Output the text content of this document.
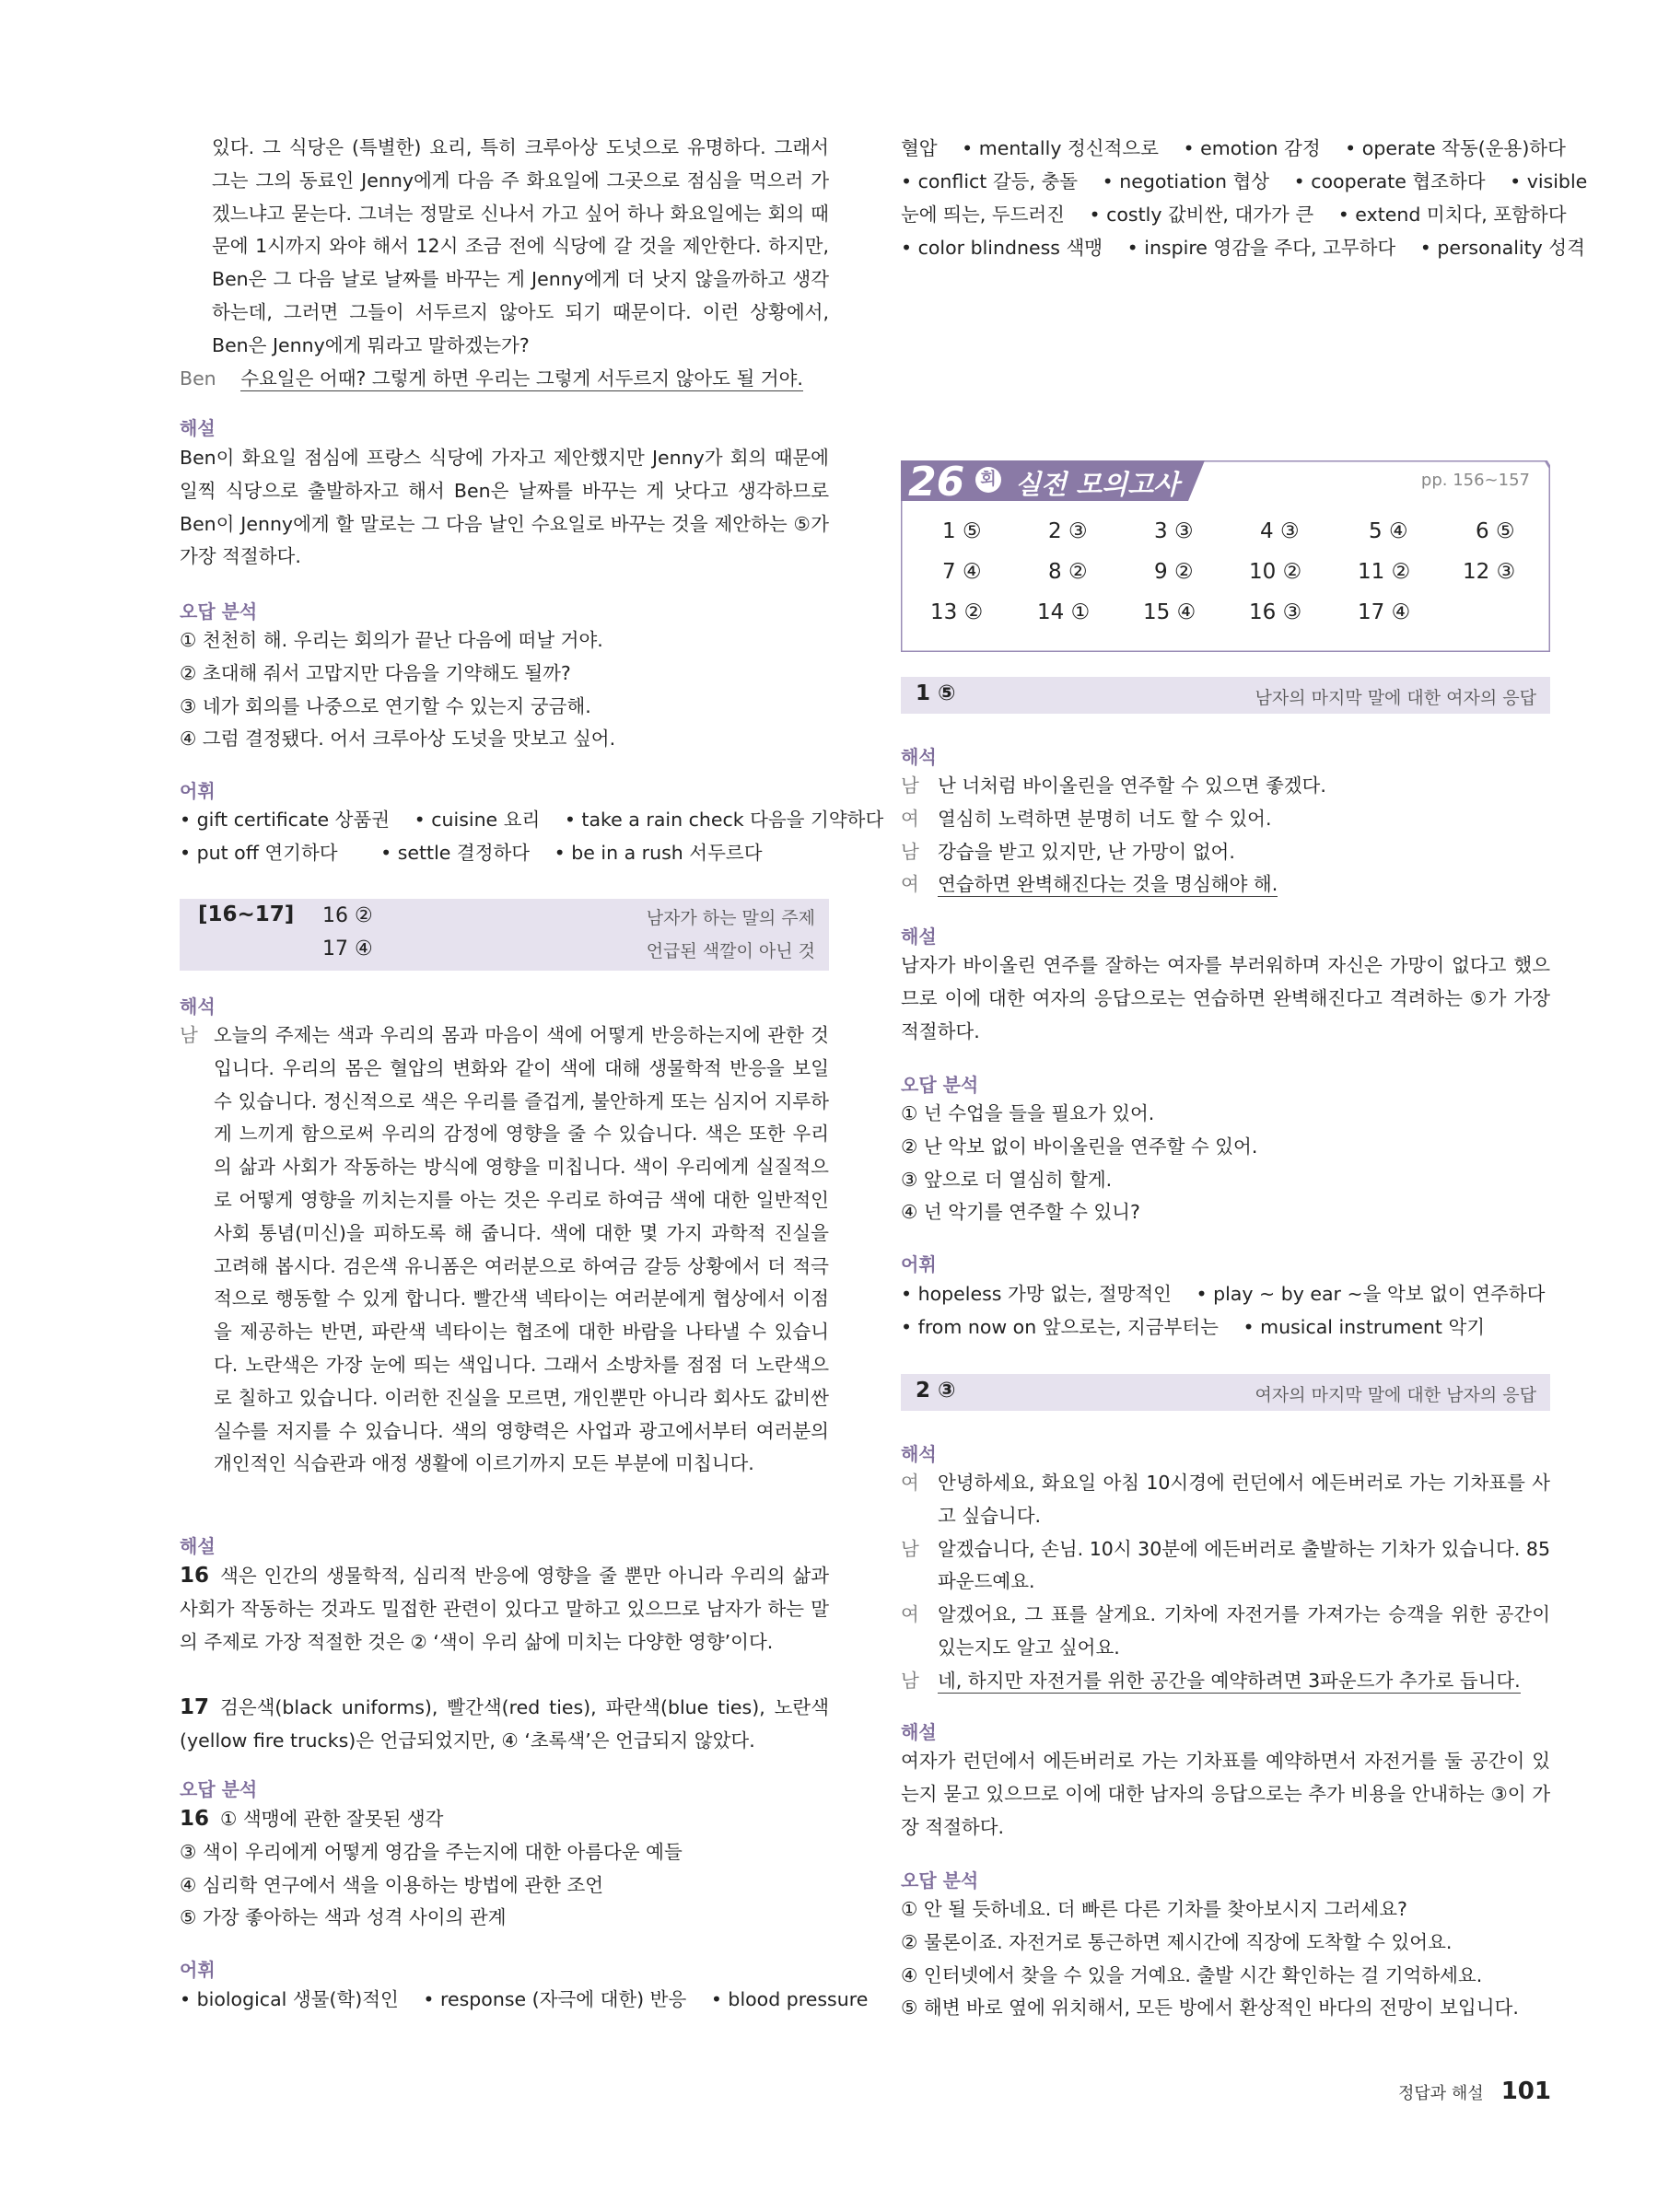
있다. 그 식당은 (특별한) 요리, 특히 크루아상 도넛으로 유명하다. 그래서 그는 그의 동료인 Jenny에게 다음 주 화요일에 그곳으로 점심을 먹으러 가겠느냐고 묻는다. 그녀는 정말로 신나서 가고 싶어 하나 화요일에는 회의 때문에 1시까지 와야 해서 12시 조금 전에 식당에 갈 것을 제안한다. 하지만, Ben은 그 다음 날로 날짜를 바꾸는 게 Jenny에게 더 낫지 않을까하고 생각하는데, 그러면 그들이 서두르지 않아도 되기 때문이다. 이런 상황에서, Ben은 Jenny에게 뭐라고 말하겠는가?

Ben 수요일은 어때? 그렇게 하면 우리는 그렇게 서두르지 않아도 될 거야.
해설

Ben이 화요일 점심에 프랑스 식당에 가자고 제안했지만 Jenny가 회의 때문에 일찍 식당으로 출발하자고 해서 Ben은 날짜를 바꾸는 게 낫다고 생각하므로 Ben이 Jenny에게 할 말로는 그 다음 날인 수요일로 바꾸는 것을 제안하는 ⑤가 가장 적절하다.

오답 분석
① 천천히 해. 우리는 회의가 끝난 다음에 떠날 거야.
② 초대해 줘서 고맙지만 다음을 기약해도 될까?
③ 네가 회의를 나중으로 연기할 수 있는지 궁금해.
④ 그럼 결정됐다. 어서 크루아상 도넛을 맛보고 싶어.
어휘
• gift certificate 상품권 • cuisine 요리 • take a rain check 다음을 기약하다
• put off 연기하다 • settle 결정하다 • be in a rush 서두르다
[16~17] 16 ②	남자가 하는 말의 주제
17 ④	언급된 색깔이 아닌 것
해석
남 오늘의 주제는 색과 우리의 몸과 마음이 색에 어떻게 반응하는지에 관한 것입니다. 우리의 몸은 혈압의 변화와 같이 색에 대해 생물학적 반응을 보일 수 있습니다. 정신적으로 색은 우리를 즐겁게, 불안하게 또는 심지어 지루하게 느끼게 함으로써 우리의 감정에 영향을 줄 수 있습니다. 색은 또한 우리의 삶과 사회가 작동하는 방식에 영향을 미칩니다. 색이 우리에게 실질적으로 어떻게 영향을 끼치는지를 아는 것은 우리로 하여금 색에 대한 일반적인 사회 통념(미신)을 피하도록 해 줍니다. 색에 대한 몇 가지 과학적 진실을 고려해 봅시다. 검은색 유니폼은 여러분으로 하여금 갈등 상황에서 더 적극적으로 행동할 수 있게 합니다. 빨간색 넥타이는 여러분에게 협상에서 이점을 제공하는 반면, 파란색 넥타이는 협조에 대한 바람을 나타낼 수 있습니다. 노란색은 가장 눈에 띄는 색입니다. 그래서 소방차를 점점 더 노란색으로 칠하고 있습니다. 이러한 진실을 모르면, 개인뿐만 아니라 회사도 값비싼 실수를 저지를 수 있습니다. 색의 영향력은 사업과 광고에서부터 여러분의 개인적인 식습관과 애정 생활에 이르기까지 모든 부분에 미칩니다.

해설

16 색은 인간의 생물학적, 심리적 반응에 영향을 줄 뿐만 아니라 우리의 삶과 사회가 작동하는 것과도 밀접한 관련이 있다고 말하고 있으므로 남자가 하는 말의 주제로 가장 적절한 것은 ② ‘색이 우리 삶에 미치는 다양한 영향’이다.

17 검은색(black uniforms), 빨간색(red ties), 파란색(blue ties), 노란색(yellow fire trucks)은 언급되었지만, ④ ‘초록색’은 언급되지 않았다.

오답 분석
16 ① 색맹에 관한 잘못된 생각
③ 색이 우리에게 어떻게 영감을 주는지에 대한 아름다운 예들
④ 심리학 연구에서 색을 이용하는 방법에 관한 조언
⑤ 가장 좋아하는 색과 성격 사이의 관계
어휘
• biological 생물(학)적인 • response (자극에 대한) 반응 • blood pressure
혈압 • mentally 정신적으로 • emotion 감정 • operate 작동(운용)하다
• conflict 갈등, 충돌 • negotiation 협상 • cooperate 협조하다 • visible
눈에 띄는, 두드러진 • costly 값비싼, 대가가 큰 • extend 미치다, 포함하다
• color blindness 색맹 • inspire 영감을 주다, 고무하다 • personality 성격
26 회 실전 모의고사	pp. 156~157
1 ⑤	2 ③	3 ③	4 ③	5 ④	6 ⑤
7 ④	8 ②	9 ②	10 ②	11 ② 12 ③
13 ②	14 ①	15 ④	16 ③	17 ④
1 ⑤	남자의 마지막 말에 대한 여자의 응답
해석
남 난 너처럼 바이올린을 연주할 수 있으면 좋겠다.
여 열심히 노력하면 분명히 너도 할 수 있어.
남 강습을 받고 있지만, 난 가망이 없어.
여 연습하면 완벽해진다는 것을 명심해야 해.
해설

남자가 바이올린 연주를 잘하는 여자를 부러워하며 자신은 가망이 없다고 했으므로 이에 대한 여자의 응답으로는 연습하면 완벽해진다고 격려하는 ⑤가 가장 적절하다.

오답 분석
① 넌 수업을 들을 필요가 있어.
② 난 악보 없이 바이올린을 연주할 수 있어.
③ 앞으로 더 열심히 할게.
④ 넌 악기를 연주할 수 있니?
어휘
• hopeless 가망 없는, 절망적인 • play ~ by ear ~을 악보 없이 연주하다
• from now on 앞으로는, 지금부터는 • musical instrument 악기
2 ③	여자의 마지막 말에 대한 남자의 응답
해석
여 안녕하세요, 화요일 아침 10시경에 런던에서 에든버러로 가는 기차표를 사고 싶습니다.
남 알겠습니다, 손님. 10시 30분에 에든버러로 출발하는 기차가 있습니다. 85파운드예요.
여 알겠어요, 그 표를 살게요. 기차에 자전거를 가져가는 승객을 위한 공간이 있는지도 알고 싶어요.
남 네, 하지만 자전거를 위한 공간을 예약하려면 3파운드가 추가로 듭니다.
해설

여자가 런던에서 에든버러로 가는 기차표를 예약하면서 자전거를 둘 공간이 있는지 묻고 있으므로 이에 대한 남자의 응답으로는 추가 비용을 안내하는 ③이 가장 적절하다.

오답 분석
① 안 될 듯하네요. 더 빠른 다른 기차를 찾아보시지 그러세요?
② 물론이죠. 자전거로 통근하면 제시간에 직장에 도착할 수 있어요.
④ 인터넷에서 찾을 수 있을 거예요. 출발 시간 확인하는 걸 기억하세요.
⑤ 해변 바로 옆에 위치해서, 모든 방에서 환상적인 바다의 전망이 보입니다.
정답과 해설 101
